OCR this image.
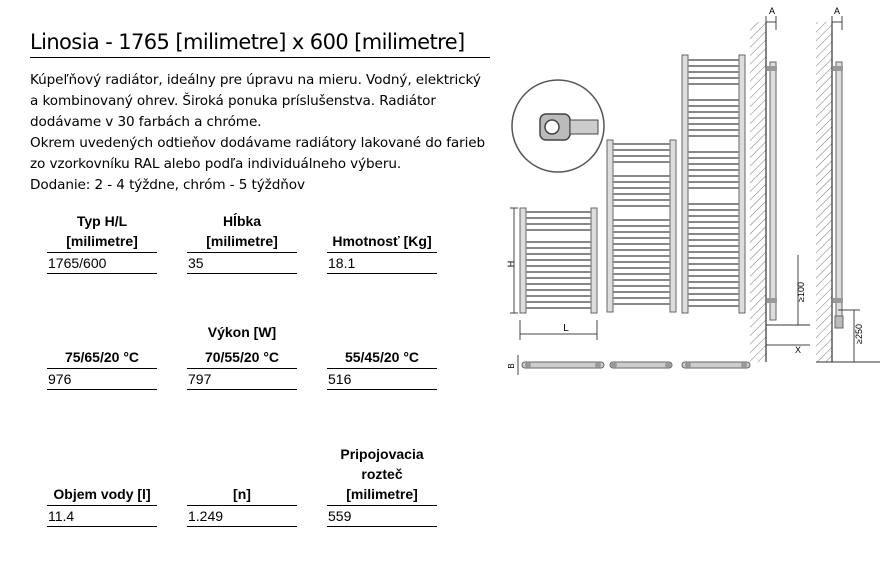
Linosia - 1765 [milimetre] x 600 [milimetre]
Kúpeľňový radiátor, ideálny pre úpravu na mieru. Vodný, elektrický
a kombinovaný ohrev. Široká ponuka príslušenstva. Radiátor
dodávame v 30 farbách a chróme.
Okrem uvedených odtieňov dodávame radiátory lakované do farieb
zo vzorkovníku RAL alebo podľa individuálneho výberu.
Dodanie: 2 - 4 týždne, chróm - 5 týždňov
Typ H/L
[milimetre]
1765/600
Hĺbka
[milimetre]
35
Hmotnosť [Kg]
18.1
Výkon [W]
75/65/20 °C
976
70/55/20 °C
797
55/45/20 °C
516
Objem vody [l]
11.4
[n]
1.249
Pripojovacia
rozteč
[milimetre]
559
H
L
B
A
≥100
X
A
≥250
